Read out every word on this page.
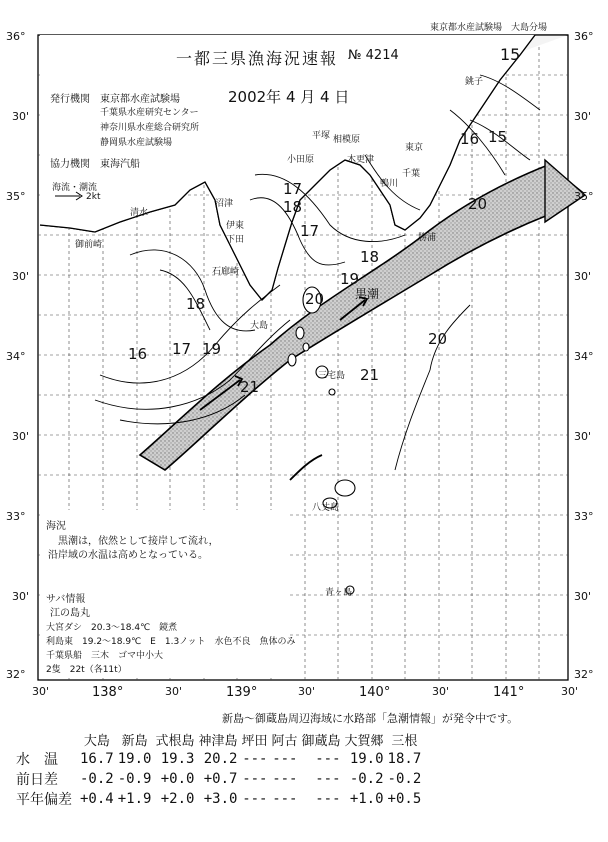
東京都水産試験場　大島分場
一都三県漁海況速報 № 4214
2002年 4 月 4 日
発行機関 東京都水産試験場
千葉県水産研究センター
神奈川県水産総合研究所
静岡県水産試験場
協力機関 東海汽船
海流・潮流
2kt
36°
30'
35°
30'
34°
30'
33°
30'
32°
36°
30'
35°
30'
34°
30'
33°
30'
32°
30'	138°	30'	139°	30'	140°	30'	141°	30'
平塚 相模原
東京
小田原	木更津
千葉
銚子
沼津
清水
御前崎
伊東
下田
石廊崎
勝浦
鴨川
大島
三宅島
青ヶ島
八丈島
黒潮
15
16 17
18
17
18
19
20
16
17
18
19
20
21
20
21
15
海況
黒潮は，依然として接岸して流れ，
沿岸域の水温は高めとなっている。
サバ情報
江の島丸
大宮ダシ　20.3～18.4℃　鏡煮
利島東　19.2～18.9℃　E　1.3ノット　水色不良　魚体のみ
千葉県船　三木　ゴマ中小大
2隻　22t（各11t）
新島～御蔵島周辺海域に水路部「急潮情報」が発令中です。
	大島	新島	式根島	神津島	坪田	阿古	御蔵島	大賀郷	三根
水　温	16.7	19.0	19.3	20.2	---	---	---	19.0	18.7
前日差	-0.2	-0.9	+0.0	+0.7	---	---	---	-0.2	-0.2
平年偏差	+0.4	+1.9	+2.0	+3.0	---	---	---	+1.0	+0.5
